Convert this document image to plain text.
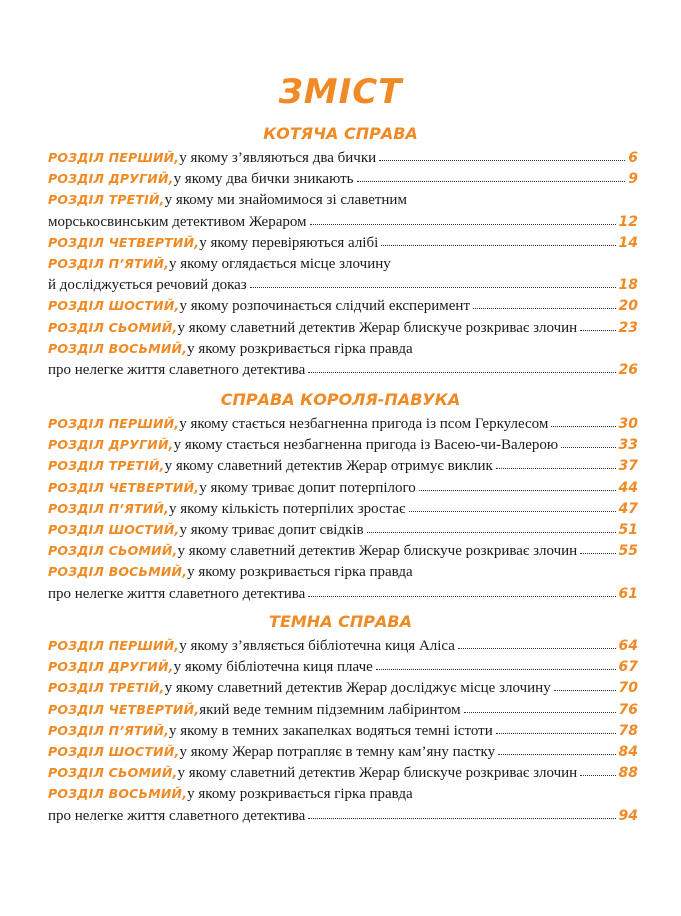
ЗМІСТ
КОТЯЧА СПРАВА
РОЗДІЛ ПЕРШИЙ, у якому з’являються два бички	6
РОЗДІЛ ДРУГИЙ, у якому два бички зникають	9
РОЗДІЛ ТРЕТІЙ, у якому ми знайомимося зі славетним
морськосвинським детективом Жераром	12
РОЗДІЛ ЧЕТВЕРТИЙ, у якому перевіряються алібі	14
РОЗДІЛ П’ЯТИЙ, у якому оглядається місце злочину
й досліджується речовий доказ	18
РОЗДІЛ ШОСТИЙ, у якому розпочинається слідчий експеримент	20
РОЗДІЛ СЬОМИЙ, у якому славетний детектив Жерар блискуче розкриває злочин	23
РОЗДІЛ ВОСЬМИЙ, у якому розкривається гірка правда
про нелегке життя славетного детектива	26
СПРАВА КОРОЛЯ-ПАВУКА
РОЗДІЛ ПЕРШИЙ, у якому стається незбагненна пригода із псом Геркулесом	30
РОЗДІЛ ДРУГИЙ, у якому стається незбагненна пригода із Васею-чи-Валерою	33
РОЗДІЛ ТРЕТІЙ, у якому славетний детектив Жерар отримує виклик	37
РОЗДІЛ ЧЕТВЕРТИЙ, у якому триває допит потерпілого	44
РОЗДІЛ П’ЯТИЙ, у якому кількість потерпілих зростає	47
РОЗДІЛ ШОСТИЙ, у якому триває допит свідків	51
РОЗДІЛ СЬОМИЙ, у якому славетний детектив Жерар блискуче розкриває злочин	55
РОЗДІЛ ВОСЬМИЙ, у якому розкривається гірка правда
про нелегке життя славетного детектива	61
ТЕМНА СПРАВА
РОЗДІЛ ПЕРШИЙ, у якому з’являється бібліотечна киця Аліса	64
РОЗДІЛ ДРУГИЙ, у якому бібліотечна киця плаче	67
РОЗДІЛ ТРЕТІЙ, у якому славетний детектив Жерар досліджує місце злочину	70
РОЗДІЛ ЧЕТВЕРТИЙ, який веде темним підземним лабіринтом	76
РОЗДІЛ П’ЯТИЙ, у якому в темних закапелках водяться темні істоти	78
РОЗДІЛ ШОСТИЙ, у якому Жерар потрапляє в темну кам’яну пастку	84
РОЗДІЛ СЬОМИЙ, у якому славетний детектив Жерар блискуче розкриває злочин	88
РОЗДІЛ ВОСЬМИЙ, у якому розкривається гірка правда
про нелегке життя славетного детектива	94
